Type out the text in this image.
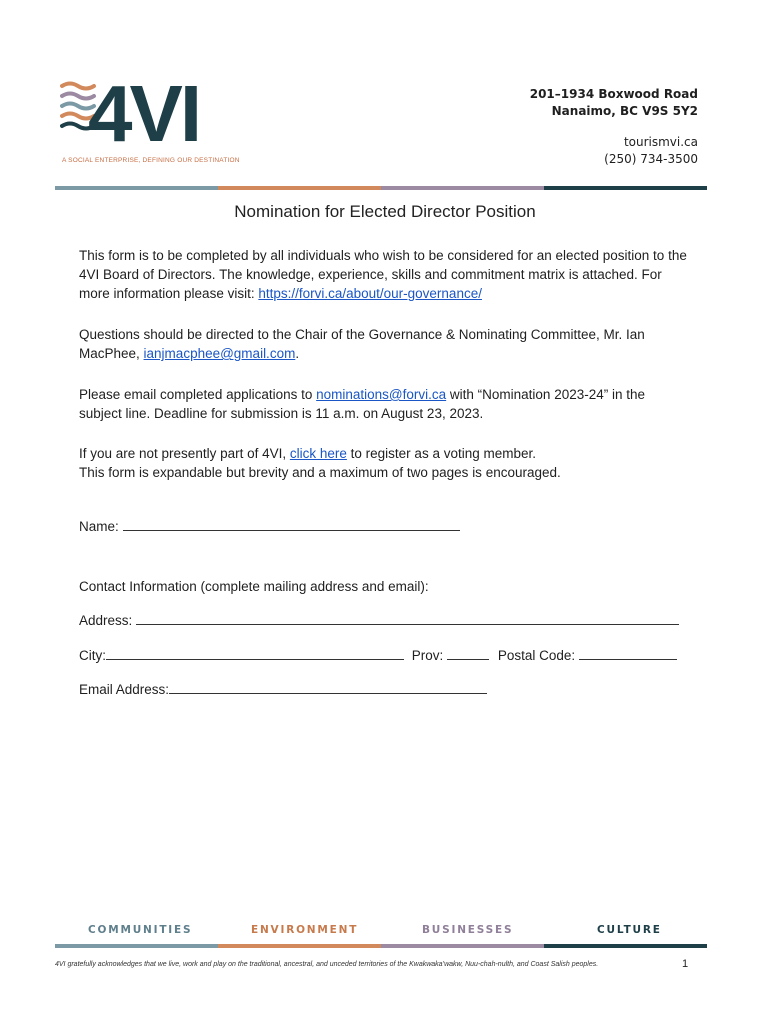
4VI
A SOCIAL ENTERPRISE, DEFINING OUR DESTINATION
201–1934 Boxwood Road
Nanaimo, BC V9S 5Y2
tourismvi.ca
(250) 734-3500
Nomination for Elected Director Position
This form is to be completed by all individuals who wish to be considered for an elected position to the 4VI Board of Directors. The knowledge, experience, skills and commitment matrix is attached. For more information please visit: https://forvi.ca/about/our-governance/
Questions should be directed to the Chair of the Governance & Nominating Committee, Mr. Ian MacPhee, ianjmacphee@gmail.com.
Please email completed applications to nominations@forvi.ca with “Nomination 2023-24” in the subject line. Deadline for submission is 11 a.m. on August 23, 2023.
If you are not presently part of 4VI, click here to register as a voting member.
This form is expandable but brevity and a maximum of two pages is encouraged.
Name:
Contact Information (complete mailing address and email):
Address:
City:	Prov:	Postal Code:
Email Address:
COMMUNITIES	ENVIRONMENT	BUSINESSES	CULTURE
4VI gratefully acknowledges that we live, work and play on the traditional, ancestral, and unceded territories of the Kwakwaka’wakw, Nuu-chah-nulth, and Coast Salish peoples.	1
